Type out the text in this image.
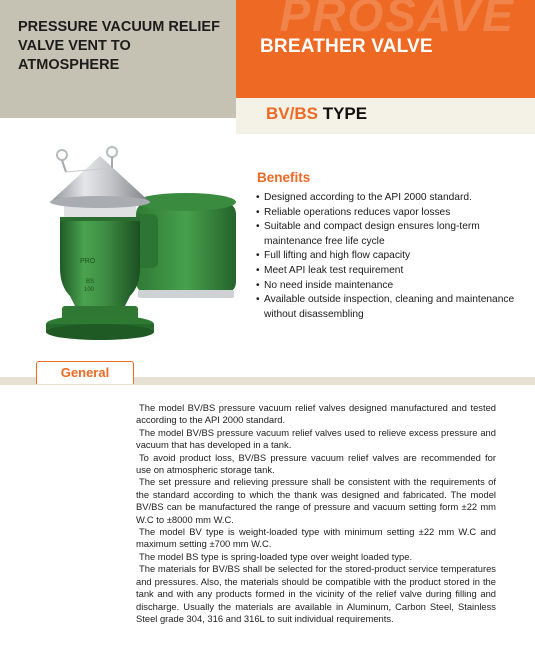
PRESSURE VACUUM RELIEF VALVE VENT TO ATMOSPHERE
PROSAVE
BREATHER VALVE
BV/BS TYPE
PRO
BS
100
Benefits
• Designed according to the API 2000 standard.
• Reliable operations reduces vapor losses
• Suitable and compact design ensures long-term maintenance free life cycle
• Full lifting and high flow capacity
• Meet API leak test requirement
• No need inside maintenance
• Available outside inspection, cleaning and maintenance without disassembling
General

The model BV/BS pressure vacuum relief valves designed manufactured and tested according to the API 2000 standard.

The model BV/BS pressure vacuum relief valves used to relieve excess pressure and vacuum that has developed in a tank.

To avoid product loss, BV/BS pressure vacuum relief valves are recommended for use on atmospheric storage tank.

The set pressure and relieving pressure shall be consistent with the requirements of the standard according to which the thank was designed and fabricated. The model BV/BS can be manufactured the range of pressure and vacuum setting form ±22 mm W.C to ±8000 mm W.C.

The model BV type is weight-loaded type with minimum setting ±22 mm W.C and maximum setting ±700 mm W.C.

The model BS type is spring-loaded type over weight loaded type.

The materials for BV/BS shall be selected for the stored-product service temperatures and pressures. Also, the materials should be compatible with the product stored in the tank and with any products formed in the vicinity of the relief valve during filling and discharge. Usually the materials are available in Aluminum, Carbon Steel, Stainless Steel grade 304, 316 and 316L to suit individual requirements.
